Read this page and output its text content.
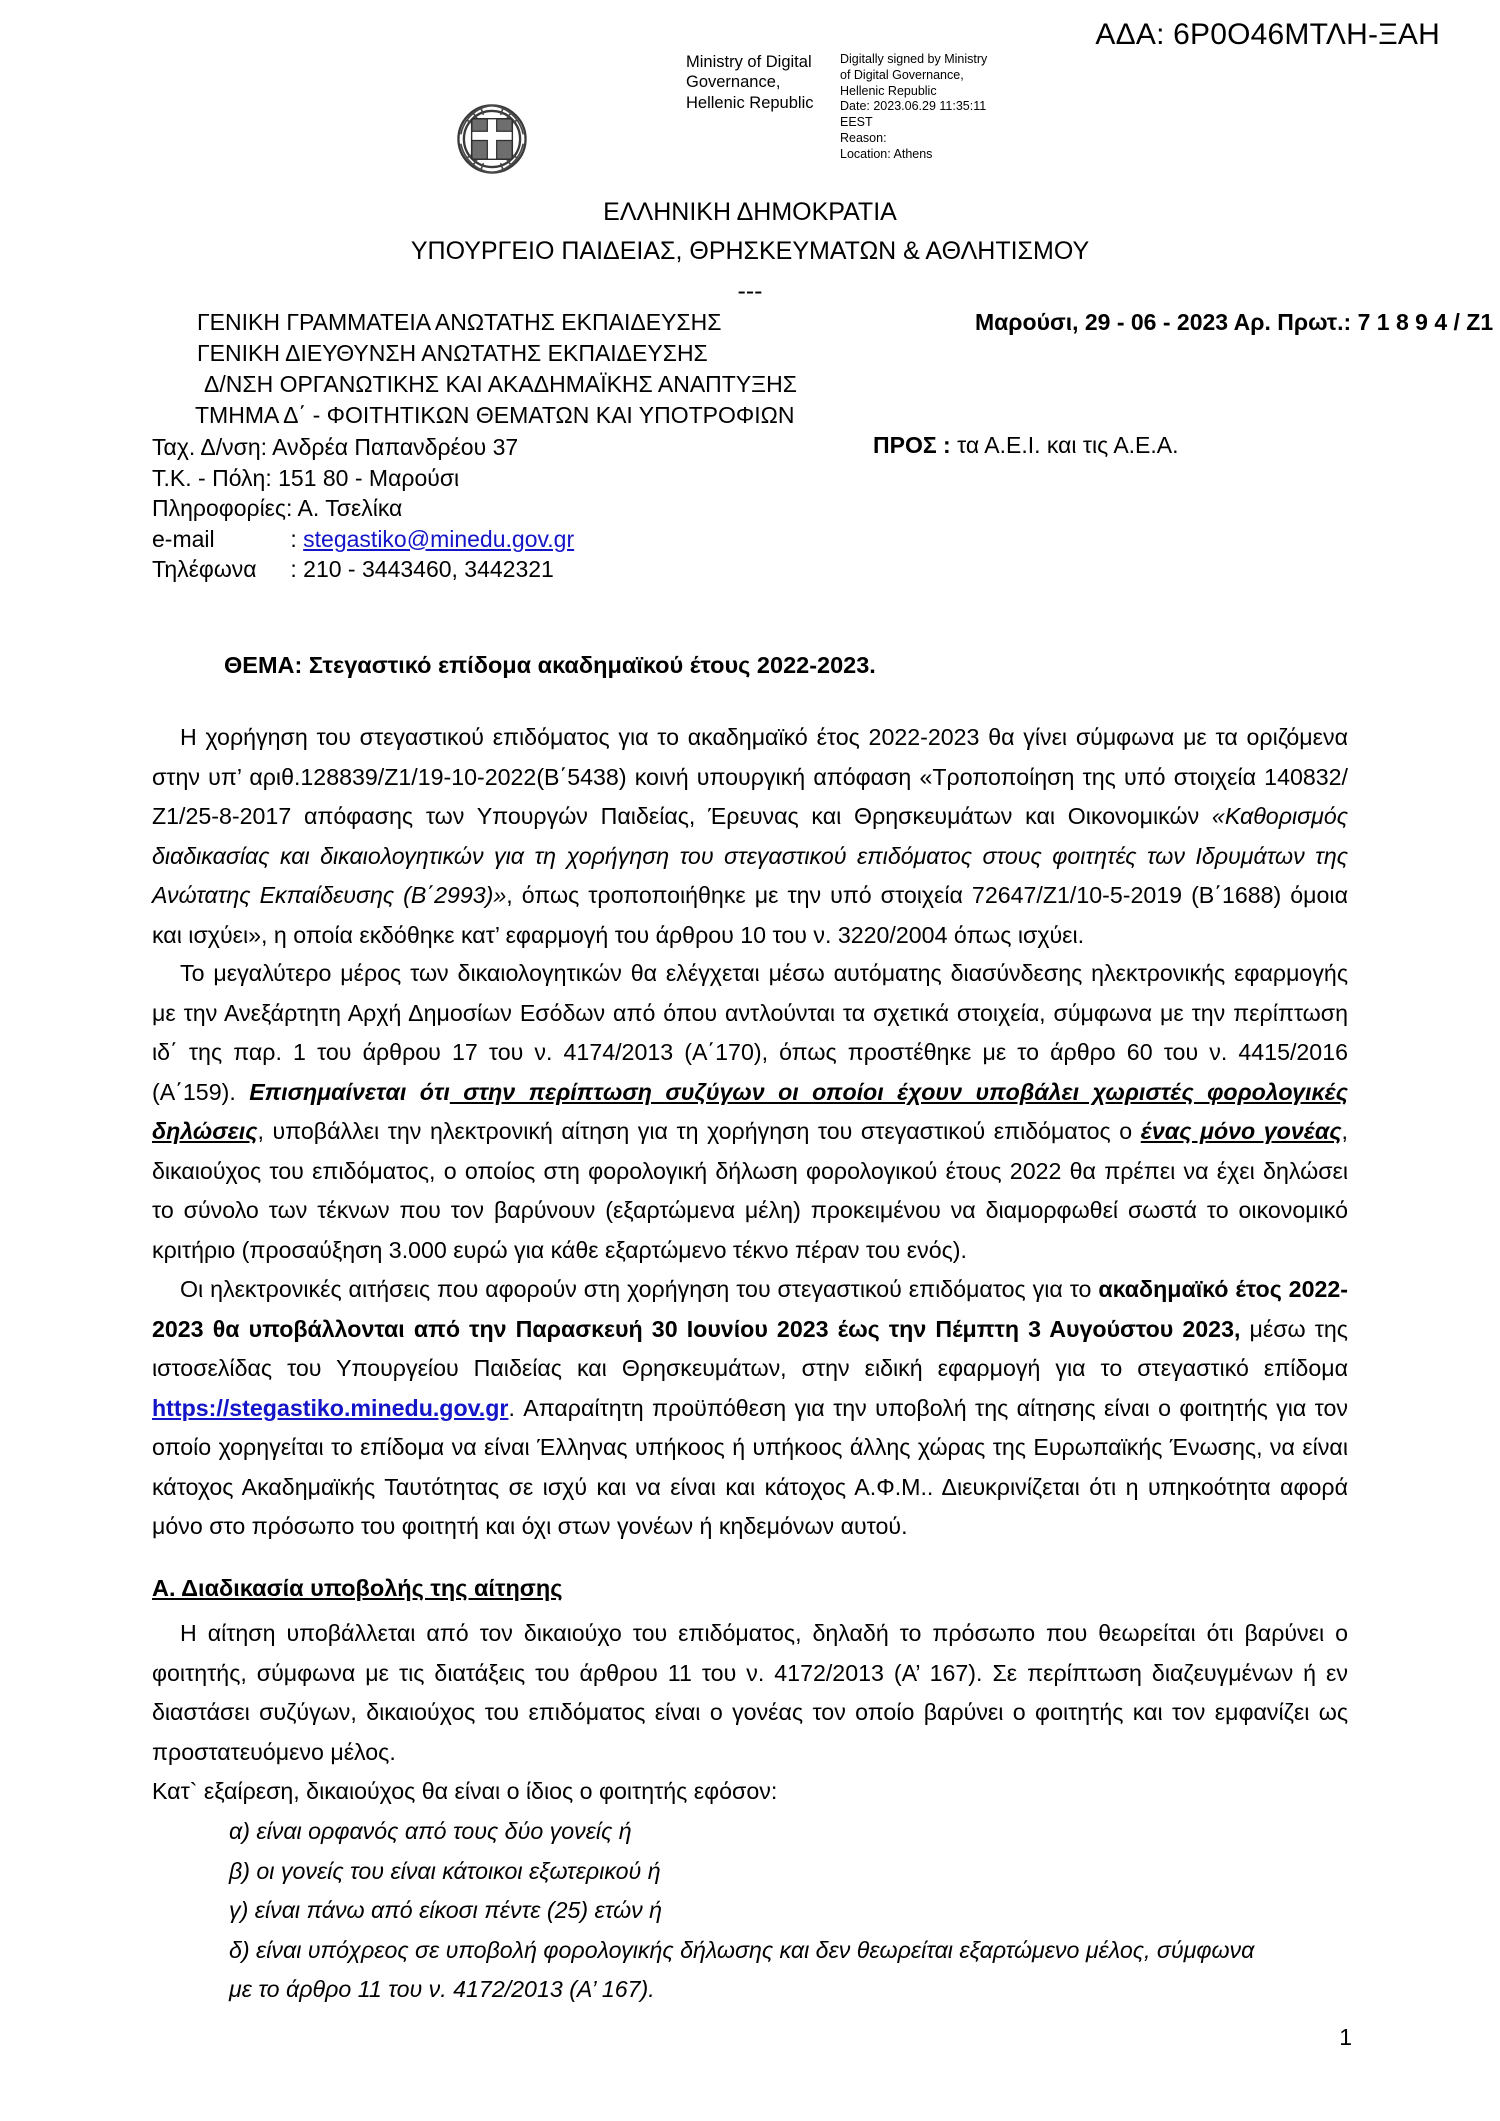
ΑΔΑ: 6Ρ0Ο46ΜΤΛΗ-ΞΑΗ
Ministry of Digital
Governance,
Hellenic Republic
Digitally signed by Ministry
of Digital Governance,
Hellenic Republic
Date: 2023.06.29 11:35:11
EEST
Reason:
Location: Athens
ΕΛΛΗΝΙΚΗ ΔΗΜΟΚΡΑΤΙΑ
ΥΠΟΥΡΓΕΙΟ ΠΑΙΔΕΙΑΣ, ΘΡΗΣΚΕΥΜΑΤΩΝ & ΑΘΛΗΤΙΣΜΟΥ
---
ΓΕΝΙΚΗ ΓΡΑΜΜΑΤΕΙΑ ΑΝΩΤΑΤΗΣ ΕΚΠΑΙΔΕΥΣΗΣ
ΓΕΝΙΚΗ ΔΙΕΥΘΥΝΣΗ ΑΝΩΤΑΤΗΣ ΕΚΠΑΙΔΕΥΣΗΣ
Δ/ΝΣΗ ΟΡΓΑΝΩΤΙΚΗΣ ΚΑΙ ΑΚΑΔΗΜΑΪΚΗΣ ΑΝΑΠΤΥΞΗΣ
ΤΜΗΜΑ Δ΄ - ΦΟΙΤΗΤΙΚΩΝ ΘΕΜΑΤΩΝ ΚΑΙ ΥΠΟΤΡΟΦΙΩΝ
Μαρούσι, 29 - 06 - 2023 Αρ. Πρωτ.: 7 1 8 9 4 / Ζ1
Ταχ. Δ/νση: Ανδρέα Παπανδρέου 37
Τ.Κ. - Πόλη: 151 80 - Μαρούσι
Πληροφορίες: Α. Τσελίκα
e-mail	: stegastiko@minedu.gov.gr
Τηλέφωνα : 210 - 3443460, 3442321
ΠΡΟΣ : τα Α.Ε.Ι. και τις Α.Ε.Α.
ΘΕΜΑ: Στεγαστικό επίδομα ακαδημαϊκού έτους 2022-2023.

Η χορήγηση του στεγαστικού επιδόματος για το ακαδημαϊκό έτος 2022-2023 θα γίνει σύμφωνα με τα οριζόμενα στην υπ’ αριθ.128839/Ζ1/19-10-2022(Β΄5438) κοινή υπουργική απόφαση «Τροποποίηση της υπό στοιχεία 140832/Ζ1/25-8-2017 απόφασης των Υπουργών Παιδείας, Έρευνας και Θρησκευμάτων και Οικονομικών «Καθορισμός διαδικασίας και δικαιολογητικών για τη χορήγηση του στεγαστικού επιδόματος στους φοιτητές των Ιδρυμάτων της Ανώτατης Εκπαίδευσης (Β΄2993)», όπως τροποποιήθηκε με την υπό στοιχεία 72647/Ζ1/10-5-2019 (Β΄1688) όμοια και ισχύει», η οποία εκδόθηκε κατ’ εφαρμογή του άρθρου 10 του ν. 3220/2004 όπως ισχύει.

Το μεγαλύτερο μέρος των δικαιολογητικών θα ελέγχεται μέσω αυτόματης διασύνδεσης ηλεκτρονικής εφαρμογής με την Ανεξάρτητη Αρχή Δημοσίων Εσόδων από όπου αντλούνται τα σχετικά στοιχεία, σύμφωνα με την περίπτωση ιδ΄ της παρ. 1 του άρθρου 17 του ν. 4174/2013 (Α΄170), όπως προστέθηκε με το άρθρο 60 του ν. 4415/2016 (Α΄159). Επισημαίνεται ότι στην περίπτωση συζύγων οι οποίοι έχουν υποβάλει χωριστές φορολογικές δηλώσεις, υποβάλλει την ηλεκτρονική αίτηση για τη χορήγηση του στεγαστικού επιδόματος ο ένας μόνο γονέας, δικαιούχος του επιδόματος, ο οποίος στη φορολογική δήλωση φορολογικού έτους 2022 θα πρέπει να έχει δηλώσει το σύνολο των τέκνων που τον βαρύνουν (εξαρτώμενα μέλη) προκειμένου να διαμορφωθεί σωστά το οικονομικό κριτήριο (προσαύξηση 3.000 ευρώ για κάθε εξαρτώμενο τέκνο πέραν του ενός).

Οι ηλεκτρονικές αιτήσεις που αφορούν στη χορήγηση του στεγαστικού επιδόματος για το ακαδημαϊκό έτος 2022-2023 θα υποβάλλονται από την Παρασκευή 30 Ιουνίου 2023 έως την Πέμπτη 3 Αυγούστου 2023, μέσω της ιστοσελίδας του Υπουργείου Παιδείας και Θρησκευμάτων, στην ειδική εφαρμογή για το στεγαστικό επίδομα https://stegastiko.minedu.gov.gr. Απαραίτητη προϋπόθεση για την υποβολή της αίτησης είναι ο φοιτητής για τον οποίο χορηγείται το επίδομα να είναι Έλληνας υπήκοος ή υπήκοος άλλης χώρας της Ευρωπαϊκής Ένωσης, να είναι κάτοχος Ακαδημαϊκής Ταυτότητας σε ισχύ και να είναι και κάτοχος Α.Φ.Μ.. Διευκρινίζεται ότι η υπηκοότητα αφορά μόνο στο πρόσωπο του φοιτητή και όχι στων γονέων ή κηδεμόνων αυτού.

Α. Διαδικασία υποβολής της αίτησης

Η αίτηση υποβάλλεται από τον δικαιούχο του επιδόματος, δηλαδή το πρόσωπο που θεωρείται ότι βαρύνει ο φοιτητής, σύμφωνα με τις διατάξεις του άρθρου 11 του ν. 4172/2013 (Α’ 167). Σε περίπτωση διαζευγμένων ή εν διαστάσει συζύγων, δικαιούχος του επιδόματος είναι ο γονέας τον οποίο βαρύνει ο φοιτητής και τον εμφανίζει ως προστατευόμενο μέλος.

Κατ` εξαίρεση, δικαιούχος θα είναι ο ίδιος ο φοιτητής εφόσον:

α) είναι ορφανός από τους δύο γονείς ή
β) οι γονείς του είναι κάτοικοι εξωτερικού ή
γ) είναι πάνω από είκοσι πέντε (25) ετών ή
δ) είναι υπόχρεος σε υποβολή φορολογικής δήλωσης και δεν θεωρείται εξαρτώμενο μέλος, σύμφωνα
με το άρθρο 11 του ν. 4172/2013 (Α’ 167).
1
